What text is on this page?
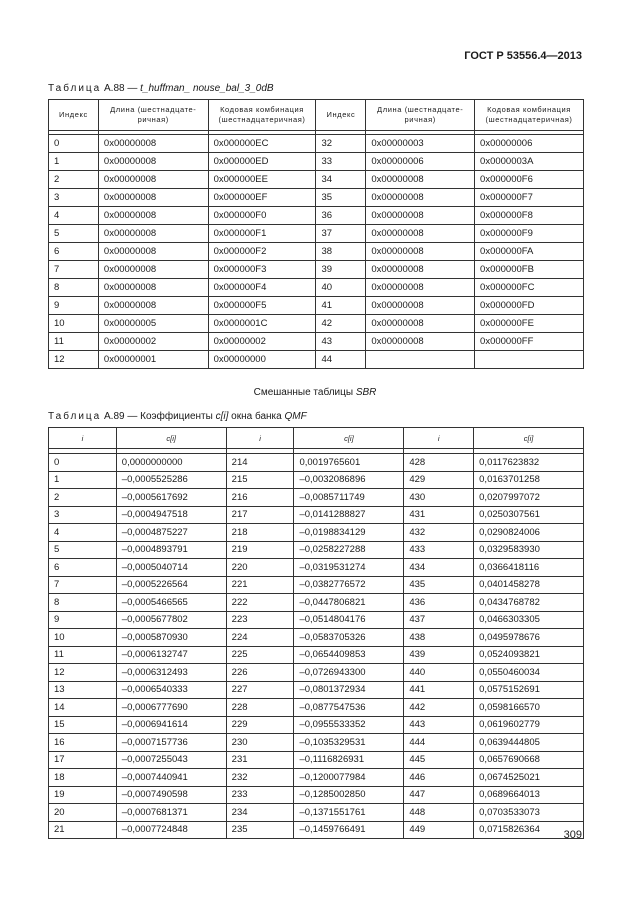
ГОСТ Р 53556.4—2013
Таблица А.88 — t_huffman_ nouse_bal_3_0dB
Индекс	Длина (шестнадцате-ричная)	Кодовая комбинация (шестнадцатеричная)	Индекс	Длина (шестнадцате-ричная)	Кодовая комбинация (шестнадцатеричная)

0	0x00000008	0x000000EC	32	0x00000003	0x00000006
1	0x00000008	0x000000ED	33	0x00000006	0x0000003A
2	0x00000008	0x000000EE	34	0x00000008	0x000000F6
3	0x00000008	0x000000EF	35	0x00000008	0x000000F7
4	0x00000008	0x000000F0	36	0x00000008	0x000000F8
5	0x00000008	0x000000F1	37	0x00000008	0x000000F9
6	0x00000008	0x000000F2	38	0x00000008	0x000000FA
7	0x00000008	0x000000F3	39	0x00000008	0x000000FB
8	0x00000008	0x000000F4	40	0x00000008	0x000000FC
9	0x00000008	0x000000F5	41	0x00000008	0x000000FD
10	0x00000005	0x0000001C	42	0x00000008	0x000000FE
11	0x00000002	0x00000002	43	0x00000008	0x000000FF
12	0x00000001	0x00000000	44		
Смешанные таблицы SBR
Таблица А.89 — Коэффициенты c[i] окна банка QMF
i	c[i]	i	c[i]	i	c[i]

0	0,0000000000	214	0,0019765601	428	0,0117623832
1	–0,0005525286	215	–0,0032086896	429	0,0163701258
2	–0,0005617692	216	–0,0085711749	430	0,0207997072
3	–0,0004947518	217	–0,0141288827	431	0,0250307561
4	–0,0004875227	218	–0,0198834129	432	0,0290824006
5	–0,0004893791	219	–0,0258227288	433	0,0329583930
6	–0,0005040714	220	–0,0319531274	434	0,0366418116
7	–0,0005226564	221	–0,0382776572	435	0,0401458278
8	–0,0005466565	222	–0,0447806821	436	0,0434768782
9	–0,0005677802	223	–0,0514804176	437	0,0466303305
10	–0,0005870930	224	–0,0583705326	438	0,0495978676
11	–0,0006132747	225	–0,0654409853	439	0,0524093821
12	–0,0006312493	226	–0,0726943300	440	0,0550460034
13	–0,0006540333	227	–0,0801372934	441	0,0575152691
14	–0,0006777690	228	–0,0877547536	442	0,0598166570
15	–0,0006941614	229	–0,0955533352	443	0,0619602779
16	–0,0007157736	230	–0,1035329531	444	0,0639444805
17	–0,0007255043	231	–0,1116826931	445	0,0657690668
18	–0,0007440941	232	–0,1200077984	446	0,0674525021
19	–0,0007490598	233	–0,1285002850	447	0,0689664013
20	–0,0007681371	234	–0,1371551761	448	0,0703533073
21	–0,0007724848	235	–0,1459766491	449	0,0715826364 309
